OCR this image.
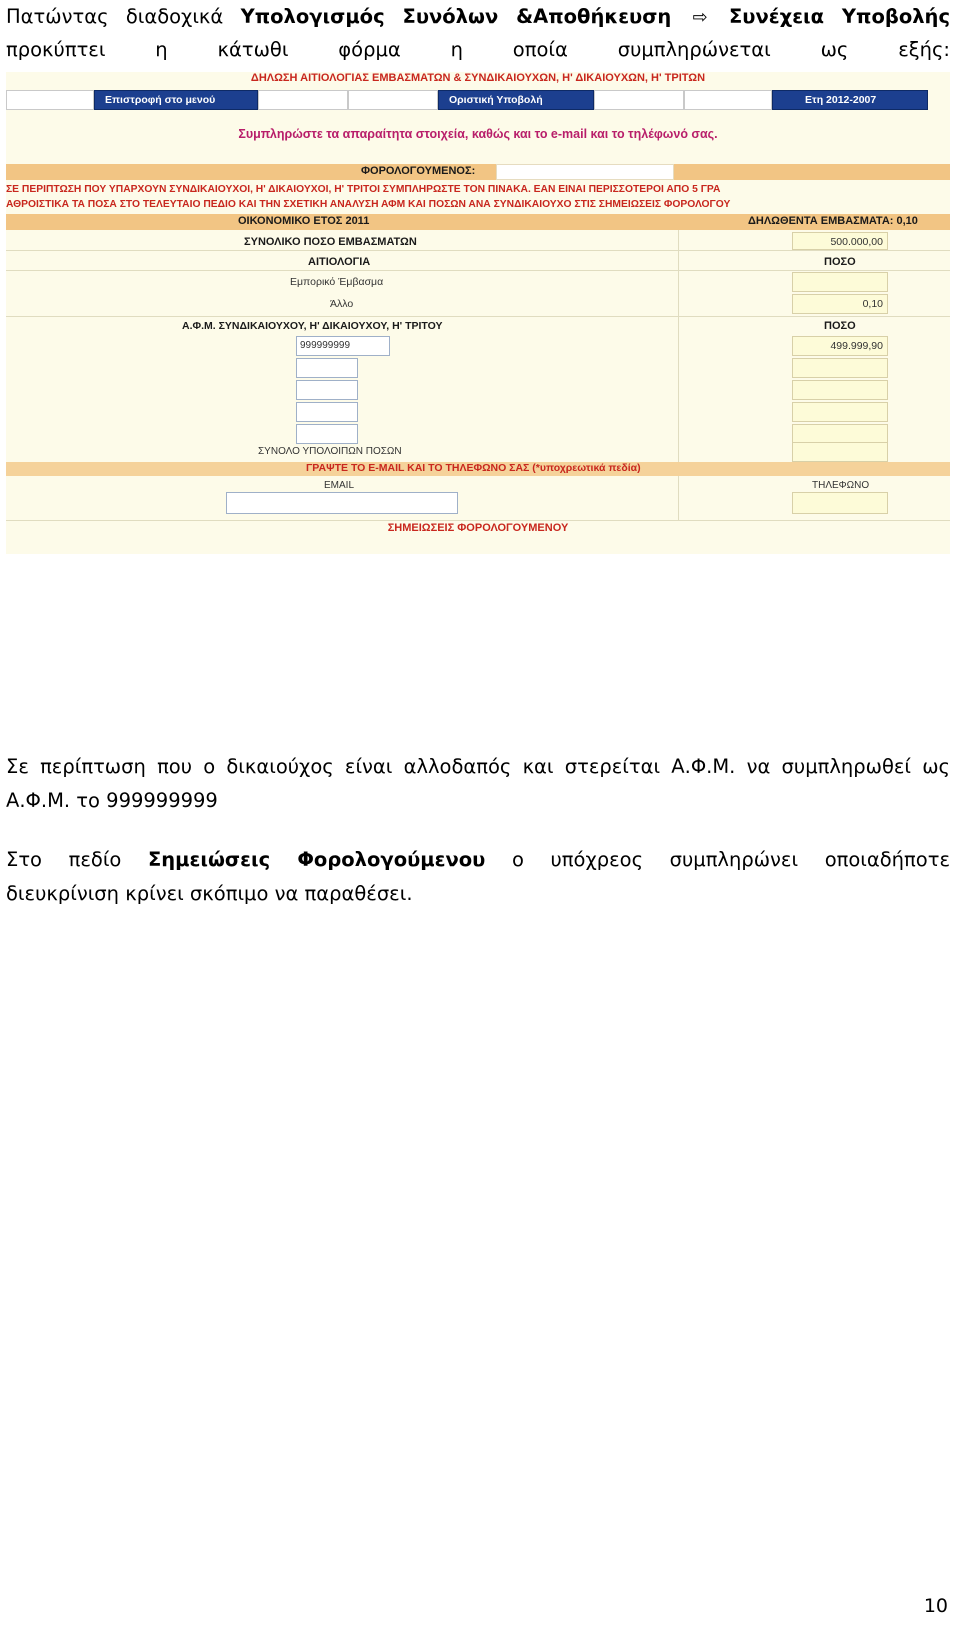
Πατώντας διαδοχικά Υπολογισμός Συνόλων &Αποθήκευση ⇨ Συνέχεια Υποβολής

προκύπτει η κάτωθι φόρμα η οποία συμπληρώνεται ως εξής:

ΔΗΛΩΣΗ ΑΙΤΙΟΛΟΓΙΑΣ ΕΜΒΑΣΜΑΤΩΝ & ΣΥΝΔΙΚΑΙΟΥΧΩΝ, Η' ΔΙΚΑΙΟΥΧΩΝ, Η' ΤΡΙΤΩΝ
Επιστροφή στο μενού	Οριστική Υποβολή	Ετη 2012-2007
Συμπληρώστε τα απαραίτητα στοιχεία, καθώς και το e-mail και το τηλέφωνό σας.
ΦΟΡΟΛΟΓΟΥΜΕΝΟΣ:
ΣΕ ΠΕΡΙΠΤΩΣΗ ΠΟΥ ΥΠΑΡΧΟΥΝ ΣΥΝΔΙΚΑΙΟΥΧΟΙ, Η' ΔΙΚΑΙΟΥΧΟΙ, Η' ΤΡΙΤΟΙ ΣΥΜΠΛΗΡΩΣΤΕ ΤΟΝ ΠΙΝΑΚΑ. ΕΑΝ ΕΙΝΑΙ ΠΕΡΙΣΣΟΤΕΡΟΙ ΑΠΟ 5 ΓΡΑ
ΑΘΡΟΙΣΤΙΚΑ ΤΑ ΠΟΣΑ ΣΤΟ ΤΕΛΕΥΤΑΙΟ ΠΕΔΙΟ ΚΑΙ ΤΗΝ ΣΧΕΤΙΚΗ ΑΝΑΛΥΣΗ ΑΦΜ ΚΑΙ ΠΟΣΩΝ ΑΝΑ ΣΥΝΔΙΚΑΙΟΥΧΟ ΣΤΙΣ ΣΗΜΕΙΩΣΕΙΣ ΦΟΡΟΛΟΓΟΥ
ΟΙΚΟΝΟΜΙΚΟ ΕΤΟΣ 2011	ΔΗΛΩΘΕΝΤΑ ΕΜΒΑΣΜΑΤΑ: 0,10
ΣΥΝΟΛΙΚΟ ΠΟΣΟ ΕΜΒΑΣΜΑΤΩΝ	500.000,00
ΑΙΤΙΟΛΟΓΙΑ	ΠΟΣΟ
Εμπορικό Έμβασμα
Άλλο	0,10
Α.Φ.Μ. ΣΥΝΔΙΚΑΙΟΥΧΟΥ, Η' ΔΙΚΑΙΟΥΧΟΥ, Η' ΤΡΙΤΟΥ	ΠΟΣΟ
999999999	499.999,90
ΣΥΝΟΛΟ ΥΠΟΛΟΙΠΩΝ ΠΟΣΩΝ
ΓΡΑΨΤΕ ΤΟ E-MAIL ΚΑΙ ΤΟ ΤΗΛΕΦΩΝΟ ΣΑΣ (*υποχρεωτικά πεδία)
EMAIL	ΤΗΛΕΦΩΝΟ
ΣΗΜΕΙΩΣΕΙΣ ΦΟΡΟΛΟΓΟΥΜΕΝΟΥ

Σε περίπτωση που ο δικαιούχος είναι αλλοδαπός και στερείται Α.Φ.Μ. να συμπληρωθεί ως

Α.Φ.Μ. το 999999999

Στο πεδίο Σημειώσεις Φορολογούμενου ο υπόχρεος συμπληρώνει οποιαδήποτε

διευκρίνιση κρίνει σκόπιμο να παραθέσει.

10
